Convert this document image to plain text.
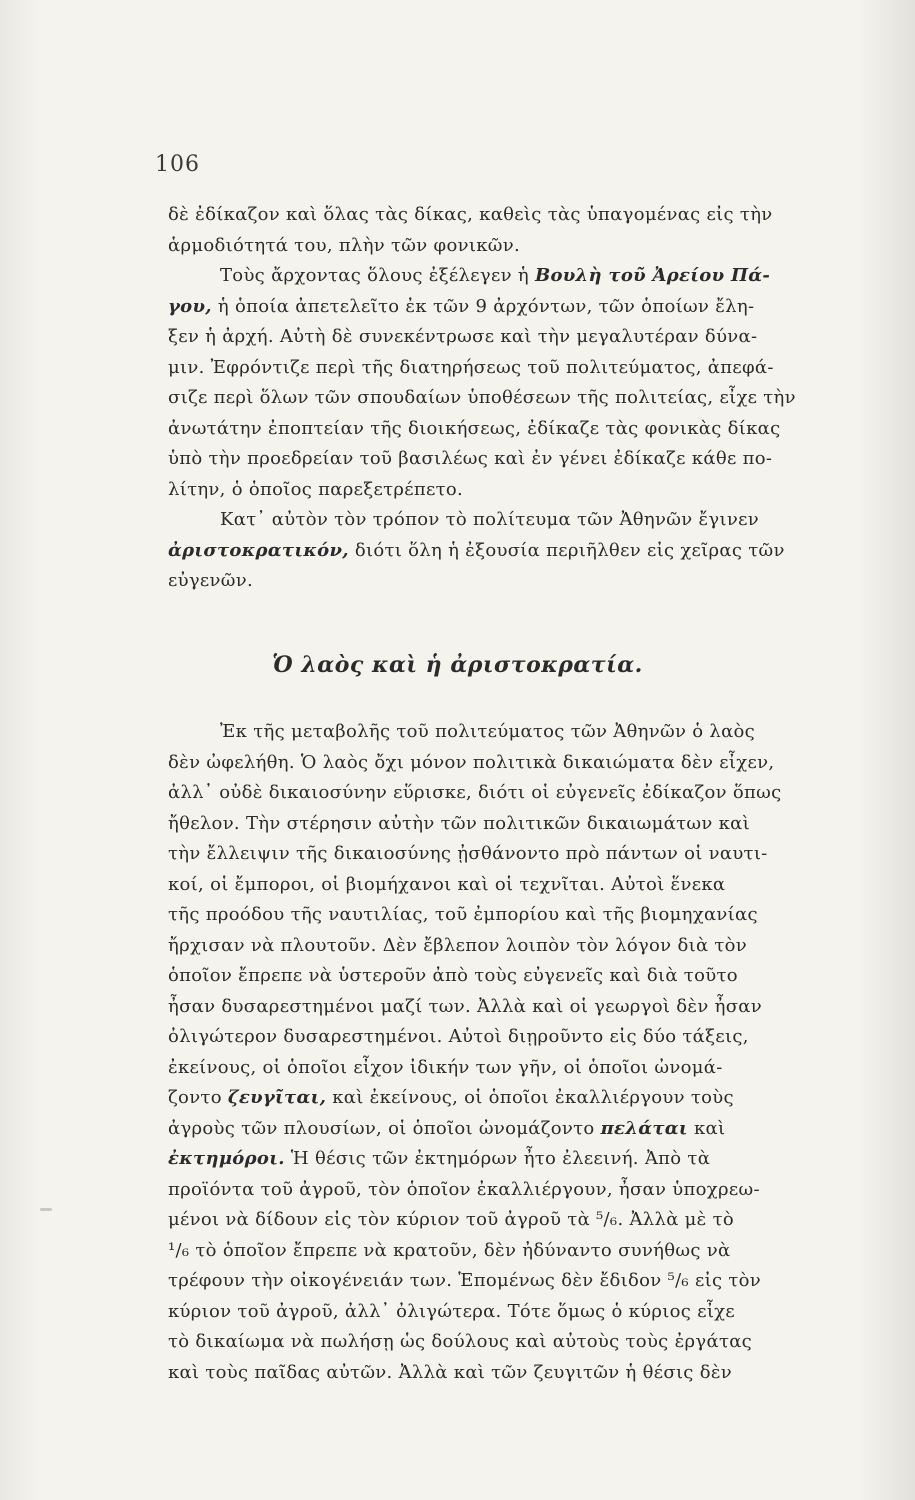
106
δὲ ἐδίκαζον καὶ ὅλας τὰς δίκας, καθεὶς τὰς ὑπαγομένας εἰς τὴν
ἁρμοδιότητά του, πλὴν τῶν φονικῶν.
Τοὺς ἄρχοντας ὅλους ἐξέλεγεν ἡ Βουλὴ τοῦ Ἀρείου Πά-
γου, ἡ ὁποία ἀπετελεῖτο ἐκ τῶν 9 ἀρχόντων, τῶν ὁποίων ἔλη-
ξεν ἡ ἀρχή. Αὐτὴ δὲ συνεκέντρωσε καὶ τὴν μεγαλυτέραν δύνα-
μιν. Ἐφρόντιζε περὶ τῆς διατηρήσεως τοῦ πολιτεύματος, ἀπεφά-
σιζε περὶ ὅλων τῶν σπουδαίων ὑποθέσεων τῆς πολιτείας, εἶχε τὴν
ἀνωτάτην ἐποπτείαν τῆς διοικήσεως, ἐδίκαζε τὰς φονικὰς δίκας
ὑπὸ τὴν προεδρείαν τοῦ βασιλέως καὶ ἐν γένει ἐδίκαζε κάθε πο-
λίτην, ὁ ὁποῖος παρεξετρέπετο.
Κατ᾽ αὐτὸν τὸν τρόπον τὸ πολίτευμα τῶν Ἀθηνῶν ἔγινεν
ἀριστοκρατικόν, διότι ὅλη ἡ ἐξουσία περιῆλθεν εἰς χεῖρας τῶν
εὐγενῶν.
Ὁ λαὸς καὶ ἡ ἀριστοκρατία.
Ἐκ τῆς μεταβολῆς τοῦ πολιτεύματος τῶν Ἀθηνῶν ὁ λαὸς
δὲν ὠφελήθη. Ὁ λαὸς ὄχι μόνον πολιτικὰ δικαιώματα δὲν εἶχεν,
ἀλλ᾽ οὐδὲ δικαιοσύνην εὕρισκε, διότι οἱ εὐγενεῖς ἐδίκαζον ὅπως
ἤθελον. Τὴν στέρησιν αὐτὴν τῶν πολιτικῶν δικαιωμάτων καὶ
τὴν ἔλλειψιν τῆς δικαιοσύνης ᾐσθάνοντο πρὸ πάντων οἱ ναυτι-
κοί, οἱ ἔμποροι, οἱ βιομήχανοι καὶ οἱ τεχνῖται. Αὐτοὶ ἕνεκα
τῆς προόδου τῆς ναυτιλίας, τοῦ ἐμπορίου καὶ τῆς βιομηχανίας
ἤρχισαν νὰ πλουτοῦν. Δὲν ἔβλεπον λοιπὸν τὸν λόγον διὰ τὸν
ὁποῖον ἔπρεπε νὰ ὑστεροῦν ἀπὸ τοὺς εὐγενεῖς καὶ διὰ τοῦτο
ἦσαν δυσαρεστημένοι μαζί των. Ἀλλὰ καὶ οἱ γεωργοὶ δὲν ἦσαν
ὀλιγώτερον δυσαρεστημένοι. Αὐτοὶ διῃροῦντο εἰς δύο τάξεις,
ἐκείνους, οἱ ὁποῖοι εἶχον ἰδικήν των γῆν, οἱ ὁποῖοι ὠνομά-
ζοντο ζευγῖται, καὶ ἐκείνους, οἱ ὁποῖοι ἐκαλλιέργουν τοὺς
ἀγροὺς τῶν πλουσίων, οἱ ὁποῖοι ὠνομάζοντο πελάται καὶ
ἐκτημόροι. Ἡ θέσις τῶν ἐκτημόρων ἦτο ἐλεεινή. Ἀπὸ τὰ
προϊόντα τοῦ ἀγροῦ, τὸν ὁποῖον ἐκαλλιέργουν, ἦσαν ὑποχρεω-
μένοι νὰ δίδουν εἰς τὸν κύριον τοῦ ἀγροῦ τὰ ⁵/₆. Ἀλλὰ μὲ τὸ
¹/₆ τὸ ὁποῖον ἔπρεπε νὰ κρατοῦν, δὲν ἠδύναντο συνήθως νὰ
τρέφουν τὴν οἰκογένειάν των. Ἑπομένως δὲν ἔδιδον ⁵/₆ εἰς τὸν
κύριον τοῦ ἀγροῦ, ἀλλ᾽ ὀλιγώτερα. Τότε ὅμως ὁ κύριος εἶχε
τὸ δικαίωμα νὰ πωλήσῃ ὡς δούλους καὶ αὐτοὺς τοὺς ἐργάτας
καὶ τοὺς παῖδας αὐτῶν. Ἀλλὰ καὶ τῶν ζευγιτῶν ἡ θέσις δὲν
